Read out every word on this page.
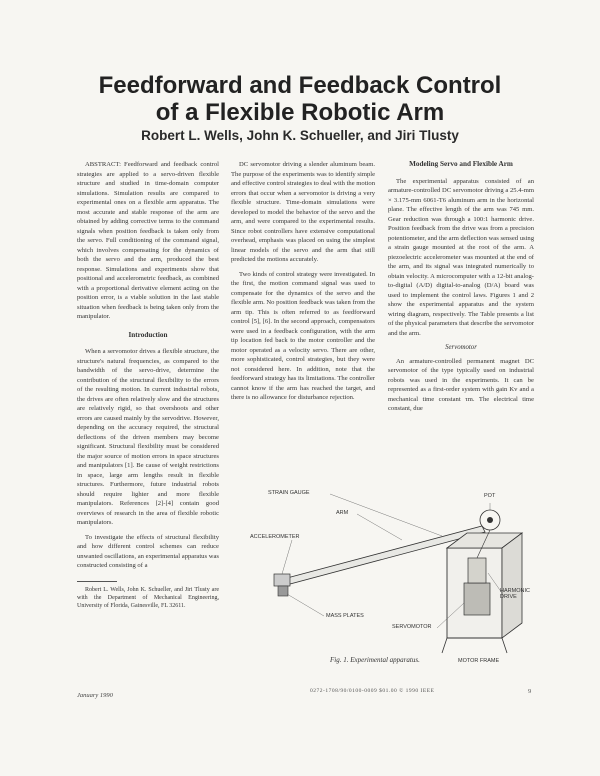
Feedforward and Feedback Control
of a Flexible Robotic Arm
Robert L. Wells, John K. Schueller, and Jiri Tlusty

ABSTRACT: Feedforward and feedback control strategies are applied to a servo-driven flexible structure and studied in time-domain computer simulations. Simulation results are compared to experimental ones on a flexible arm apparatus. The most accurate and stable response of the arm are obtained by adding corrective terms to the command signals when position feedback is taken only from the servo. Full conditioning of the command signal, which involves compensating for the dynamics of both the servo and the arm, produced the best response. Simulations and experiments show that positional and accelerometric feedback, as combined with a proportional derivative element acting on the position error, is a viable solution in the last stable situation when feedback is being taken only from the manipulator.

Introduction

When a servomotor drives a flexible structure, the structure's natural frequencies, as compared to the bandwidth of the servo-drive, determine the contribution of the structural flexibility to the errors of the resulting motion. In current industrial robots, the drives are often relatively slow and the structures are relatively rigid, so that overshoots and other errors are caused mainly by the servodrive. However, depending on the accuracy required, the structural deflections of the driven members may become significant. Structural flexibility must be considered the major source of motion errors in space structures and manipulators [1]. Be cause of weight restrictions in space, large arm lengths result in flexible structures. Furthermore, future industrial robots should require lighter and more flexible manipulators. References [2]-[4] contain good overviews of research in the area of flexible robotic manipulators.

To investigate the effects of structural flexibility and how different control schemes can reduce unwanted oscillations, an experimental apparatus was constructed consisting of a

Robert L. Wells, John K. Schueller, and Jiri Tlusty are with the Department of Mechanical Engineering, University of Florida, Gainesville, FL 32611.

DC servomotor driving a slender aluminum beam. The purpose of the experiments was to identify simple and effective control strategies to deal with the motion errors that occur when a servomotor is driving a very flexible structure. Time-domain simulations were developed to model the behavior of the servo and the arm, and were compared to the experimental results. Since robot controllers have extensive computational overhead, emphasis was placed on using the simplest linear models of the servo and the arm that still predicted the motions accurately.

Two kinds of control strategy were investigated. In the first, the motion command signal was used to compensate for the dynamics of the servo and the flexible arm. No position feedback was taken from the arm tip. This is often referred to as feedforward control [5], [6]. In the second approach, compensators were used in a feedback configuration, with the arm tip location fed back to the motor controller and the motor operated as a velocity servo. There are other, more sophisticated, control strategies, but they were not considered here. In addition, note that the feedforward strategy has its limitations. The controller cannot know if the arm has reached the target, and there is no allowance for disturbance rejection.

Modeling Servo and Flexible Arm

The experimental apparatus consisted of an armature-controlled DC servomotor driving a 25.4-mm × 3.175-mm 6061-T6 aluminum arm in the horizontal plane. The effective length of the arm was 745 mm. Gear reduction was through a 100:1 harmonic drive. Position feedback from the drive was from a precision potentiometer, and the arm deflection was sensed using a strain gauge mounted at the root of the arm. A piezoelectric accelerometer was mounted at the end of the arm, and its signal was integrated numerically to obtain velocity. A microcomputer with a 12-bit analog-to-digital (A/D) digital-to-analog (D/A) board was used to implement the control laws. Figures 1 and 2 show the experimental apparatus and the system wiring diagram, respectively. The Table presents a list of the physical parameters that describe the servomotor and the arm.

Servomotor

An armature-controlled permanent magnet DC servomotor of the type typically used on industrial robots was used in the experiments. It can be represented as a first-order system with gain Kv and a mechanical time constant τm. The electrical time constant, due

STRAIN GAUGE	POT
ARM
ACCELEROMETER
HARMONIC DRIVE
MASS PLATES
SERVOMOTOR
MOTOR FRAME
Fig. 1. Experimental apparatus.
January 1990
0272-1708/90/0100-0009 $01.00 © 1990 IEEE	9
